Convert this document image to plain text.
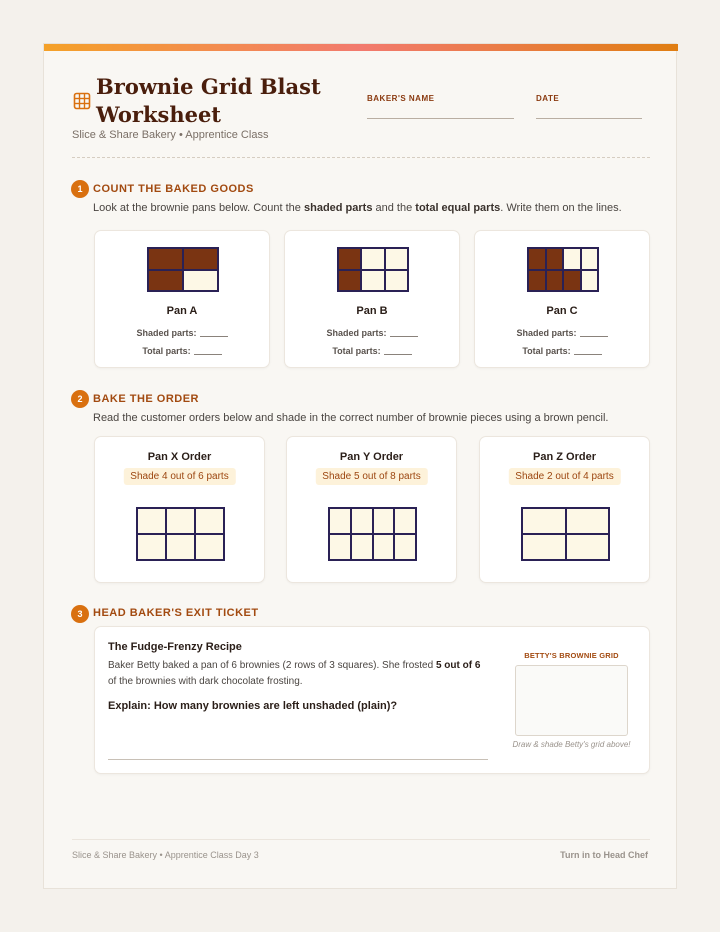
Brownie Grid Blast Worksheet
Slice & Share Bakery • Apprentice Class
BAKER'S NAME	DATE
1 COUNT THE BAKED GOODS
Look at the brownie pans below. Count the shaded parts and the total equal parts. Write them on the lines.
Pan A
Shaded parts:
Total parts:
Pan B
Shaded parts:
Total parts:
Pan C
Shaded parts:
Total parts:
2 BAKE THE ORDER
Read the customer orders below and shade in the correct number of brownie pieces using a brown pencil.
Pan X Order
Shade 4 out of 6 parts
Pan Y Order
Shade 5 out of 8 parts
Pan Z Order
Shade 2 out of 4 parts
3 HEAD BAKER'S EXIT TICKET
The Fudge-Frenzy Recipe
Baker Betty baked a pan of 6 brownies (2 rows of 3 squares). She frosted 5 out of 6 of the brownies with dark chocolate frosting.
Explain: How many brownies are left unshaded (plain)?
BETTY'S BROWNIE GRID
Draw & shade Betty's grid above!
Slice & Share Bakery • Apprentice Class Day 3	Turn in to Head Chef
